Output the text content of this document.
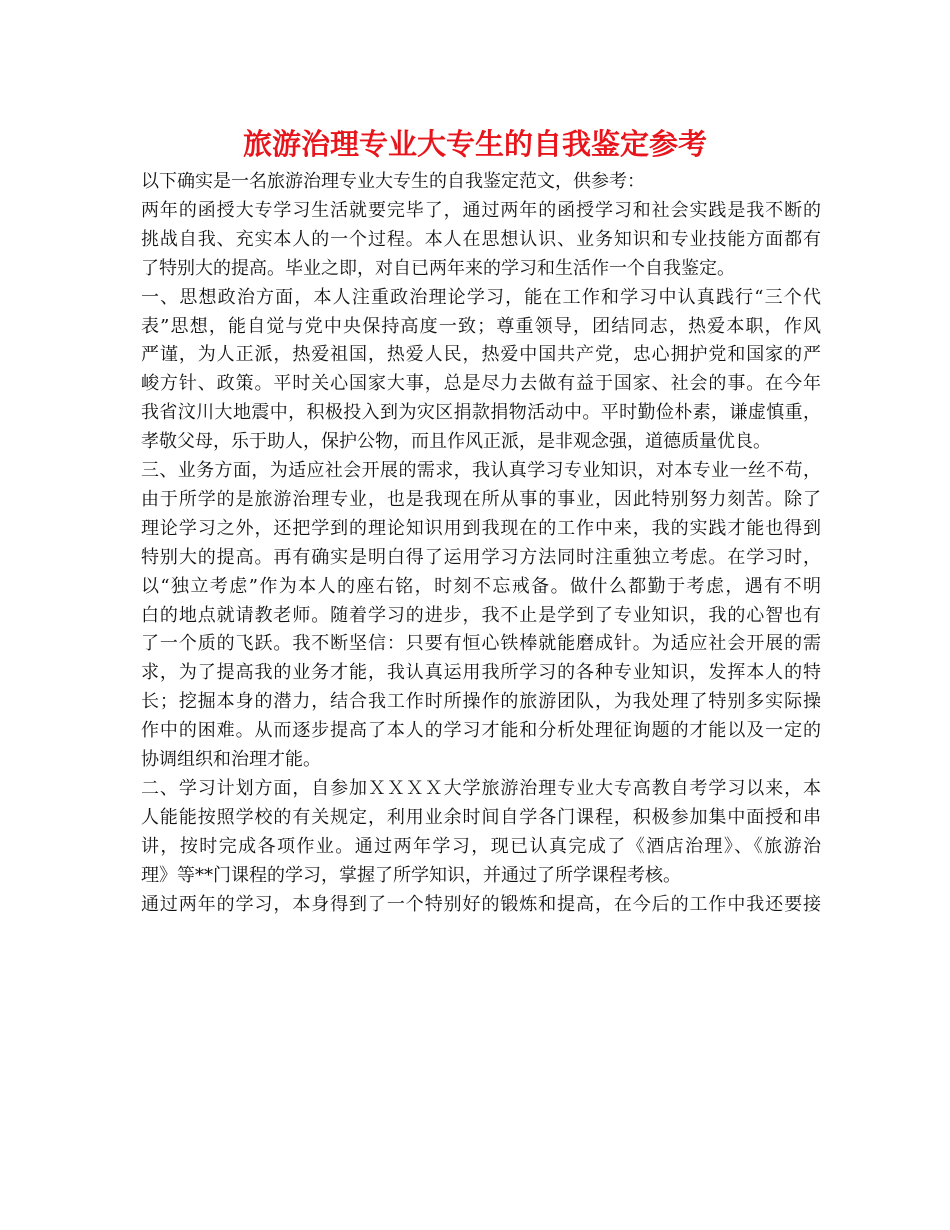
旅游治理专业大专生的自我鉴定参考
以下确实是一名旅游治理专业大专生的自我鉴定范文，供参考：
两年的函授大专学习生活就要完毕了，通过两年的函授学习和社会实践是我不断的
挑战自我、充实本人的一个过程。本人在思想认识、业务知识和专业技能方面都有
了特别大的提高。毕业之即，对自已两年来的学习和生活作一个自我鉴定。
一、思想政治方面，本人注重政治理论学习，能在工作和学习中认真践行“三个代
表”思想，能自觉与党中央保持高度一致；尊重领导，团结同志，热爱本职，作风
严谨，为人正派，热爱祖国，热爱人民，热爱中国共产党，忠心拥护党和国家的严
峻方针、政策。平时关心国家大事，总是尽力去做有益于国家、社会的事。在今年
我省汶川大地震中，积极投入到为灾区捐款捐物活动中。平时勤俭朴素，谦虚慎重，
孝敬父母，乐于助人，保护公物，而且作风正派，是非观念强，道德质量优良。
三、业务方面，为适应社会开展的需求，我认真学习专业知识，对本专业一丝不苟，
由于所学的是旅游治理专业，也是我现在所从事的事业，因此特别努力刻苦。除了
理论学习之外，还把学到的理论知识用到我现在的工作中来，我的实践才能也得到
特别大的提高。再有确实是明白得了运用学习方法同时注重独立考虑。在学习时，
以“独立考虑”作为本人的座右铭，时刻不忘戒备。做什么都勤于考虑，遇有不明
白的地点就请教老师。随着学习的进步，我不止是学到了专业知识，我的心智也有
了一个质的飞跃。我不断坚信：只要有恒心铁棒就能磨成针。为适应社会开展的需
求，为了提高我的业务才能，我认真运用我所学习的各种专业知识，发挥本人的特
长；挖掘本身的潜力，结合我工作时所操作的旅游团队，为我处理了特别多实际操
作中的困难。从而逐步提高了本人的学习才能和分析处理征询题的才能以及一定的
协调组织和治理才能。
二、学习计划方面，自参加ＸＸＸＸ大学旅游治理专业大专高教自考学习以来，本
人能能按照学校的有关规定，利用业余时间自学各门课程，积极参加集中面授和串
讲，按时完成各项作业。通过两年学习，现已认真完成了《酒店治理》、《旅游治
理》等**门课程的学习，掌握了所学知识，并通过了所学课程考核。
通过两年的学习，本身得到了一个特别好的锻炼和提高，在今后的工作中我还要接
